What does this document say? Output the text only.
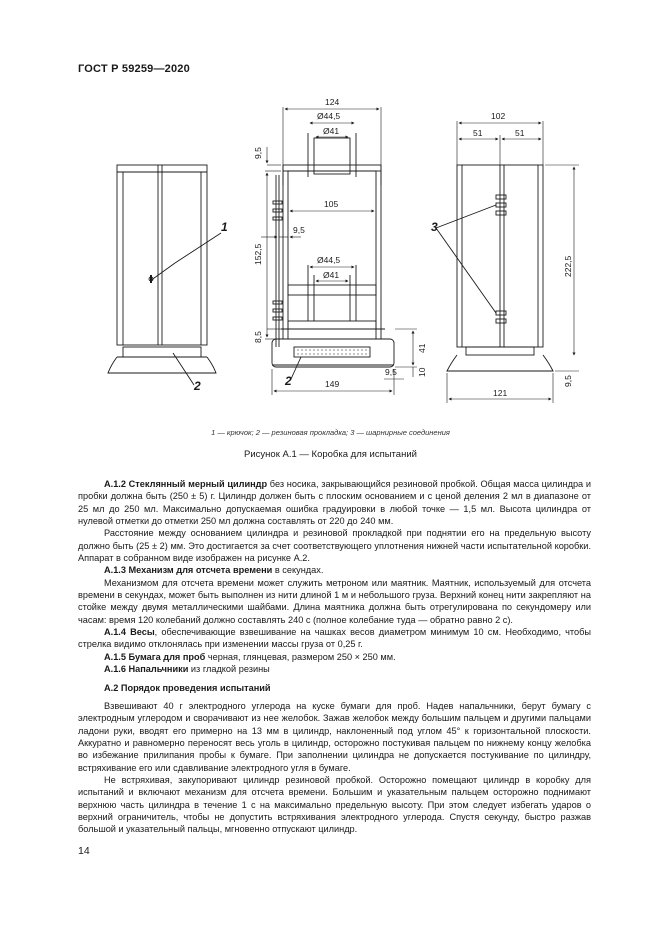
ГОСТ Р 59259—2020
124
Ø44,5
Ø41
105
9,5
Ø44,5
Ø41
149
9,5
102
51	51
121
152,5
9,5
8,5
41
10
222,5
9,5
1
2	2
3
1 — крючок; 2 — резиновая прокладка; 3 — шарнирные соединения
Рисунок А.1 — Коробка для испытаний

А.1.2 Стеклянный мерный цилиндр без носика, закрывающийся резиновой пробкой. Общая масса цилиндра и пробки должна быть (250 ± 5) г. Цилиндр должен быть с плоским основанием и с ценой деления 2 мл в диапазоне от 25 мл до 250 мл. Максимально допускаемая ошибка градуировки в любой точке — 1,5 мл. Высота цилиндра от нулевой отметки до отметки 250 мл должна составлять от 220 до 240 мм.

Расстояние между основанием цилиндра и резиновой прокладкой при поднятии его на предельную высоту должно быть (25 ± 2) мм. Это достигается за счет соответствующего уплотнения нижней части испытательной коробки. Аппарат в собранном виде изображен на рисунке А.2.

А.1.3 Механизм для отсчета времени в секундах.

Механизмом для отсчета времени может служить метроном или маятник. Маятник, используемый для отсчета времени в секундах, может быть выполнен из нити длиной 1 м и небольшого груза. Верхний конец нити закрепляют на стойке между двумя металлическими шайбами. Длина маятника должна быть отрегулирована по секундомеру или часам: время 120 колебаний должно составлять 240 с (полное колебание туда — обратно равно 2 с).

А.1.4 Весы, обеспечивающие взвешивание на чашках весов диаметром минимум 10 см. Необходимо, чтобы стрелка видимо отклонялась при изменении массы груза от 0,25 г.

А.1.5 Бумага для проб черная, глянцевая, размером 250 × 250 мм.

А.1.6 Напальчники из гладкой резины

А.2 Порядок проведения испытаний

Взвешивают 40 г электродного углерода на куске бумаги для проб. Надев напальчники, берут бумагу с электродным углеродом и сворачивают из нее желобок. Зажав желобок между большим пальцем и другими пальцами ладони руки, вводят его примерно на 13 мм в цилиндр, наклоненный под углом 45° к горизонтальной плоскости. Аккуратно и равномерно переносят весь уголь в цилиндр, осторожно постукивая пальцем по нижнему концу желобка во избежание прилипания пробы к бумаге. При заполнении цилиндра не допускается постукивание по цилиндру, встряхивание его или сдавливание электродного угля в бумаге.

Не встряхивая, закупоривают цилиндр резиновой пробкой. Осторожно помещают цилиндр в коробку для испытаний и включают механизм для отсчета времени. Большим и указательным пальцем осторожно поднимают верхнюю часть цилиндра в течение 1 с на максимально предельную высоту. При этом следует избегать ударов о верхний ограничитель, чтобы не допустить встряхивания электродного углерода. Спустя секунду, быстро разжав большой и указательный пальцы, мгновенно отпускают цилиндр.

14
